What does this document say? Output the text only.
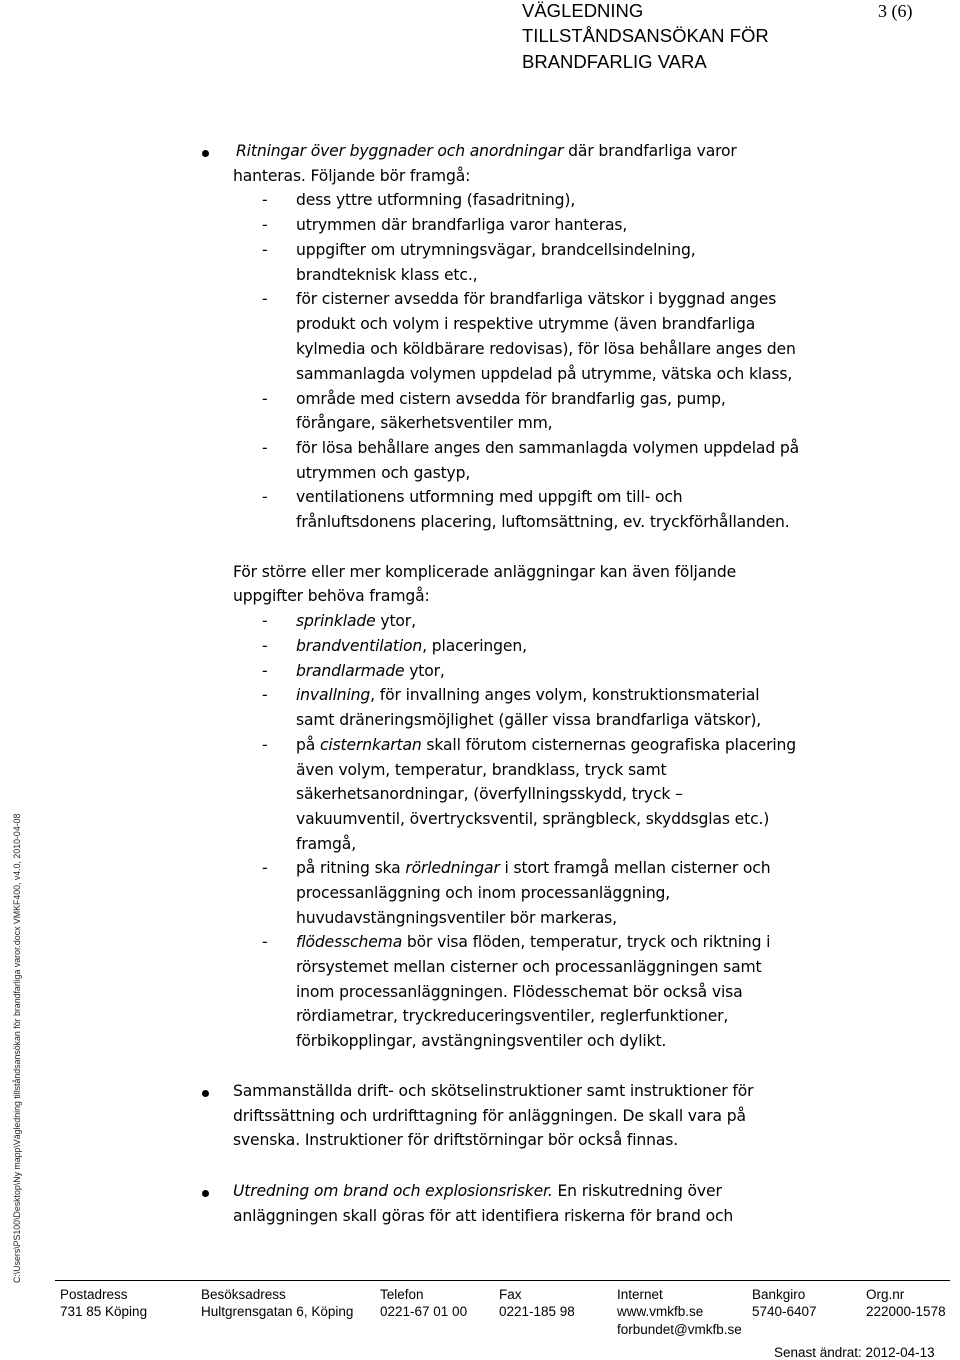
VÄGLEDNING
TILLSTÅNDSANSÖKAN FÖR
BRANDFARLIG VARA
3 (6)
C:\Users\PS100\Desktop\Ny mapp\Vägledning tillståndsansökan för brandfarliga varor.docx VMKF400, v4.0, 2010-04-08
Ritningar över byggnader och anordningar där brandfarliga varor
hanteras. Följande bör framgå:
- dess yttre utformning (fasadritning),
- utrymmen där brandfarliga varor hanteras,
- uppgifter om utrymningsvägar, brandcellsindelning,
brandteknisk klass etc.,
- för cisterner avsedda för brandfarliga vätskor i byggnad anges
produkt och volym i respektive utrymme (även brandfarliga
kylmedia och köldbärare redovisas), för lösa behållare anges den
sammanlagda volymen uppdelad på utrymme, vätska och klass,
- område med cistern avsedda för brandfarlig gas, pump,
förångare, säkerhetsventiler mm,
- för lösa behållare anges den sammanlagda volymen uppdelad på
utrymmen och gastyp,
- ventilationens utformning med uppgift om till- och
frånluftsdonens placering, luftomsättning, ev. tryckförhållanden.
För större eller mer komplicerade anläggningar kan även följande
uppgifter behöva framgå:
- sprinklade ytor,
- brandventilation, placeringen,
- brandlarmade ytor,
- invallning, för invallning anges volym, konstruktionsmaterial
samt dräneringsmöjlighet (gäller vissa brandfarliga vätskor),
- på cisternkartan skall förutom cisternernas geografiska placering
även volym, temperatur, brandklass, tryck samt
säkerhetsanordningar, (överfyllningsskydd, tryck –
vakuumventil, övertrycksventil, sprängbleck, skyddsglas etc.)
framgå,
- på ritning ska rörledningar i stort framgå mellan cisterner och
processanläggning och inom processanläggning,
huvudavstängningsventiler bör markeras,
- flödesschema bör visa flöden, temperatur, tryck och riktning i
rörsystemet mellan cisterner och processanläggningen samt
inom processanläggningen. Flödesschemat bör också visa
rördiametrar, tryckreduceringsventiler, reglerfunktioner,
förbikopplingar, avstängningsventiler och dylikt.
Sammanställda drift- och skötselinstruktioner samt instruktioner för
driftssättning och urdrifttagning för anläggningen. De skall vara på
svenska. Instruktioner för driftstörningar bör också finnas.
Utredning om brand och explosionsrisker. En riskutredning över
anläggningen skall göras för att identifiera riskerna för brand och
Postadress
731 85 Köping
Besöksadress
Hultgrensgatan 6, Köping
Telefon
0221-67 01 00
Fax
0221-185 98
Internet
www.vmkfb.se
forbundet@vmkfb.se
Bankgiro
5740-6407
Org.nr
222000-1578
Senast ändrat: 2012-04-13
